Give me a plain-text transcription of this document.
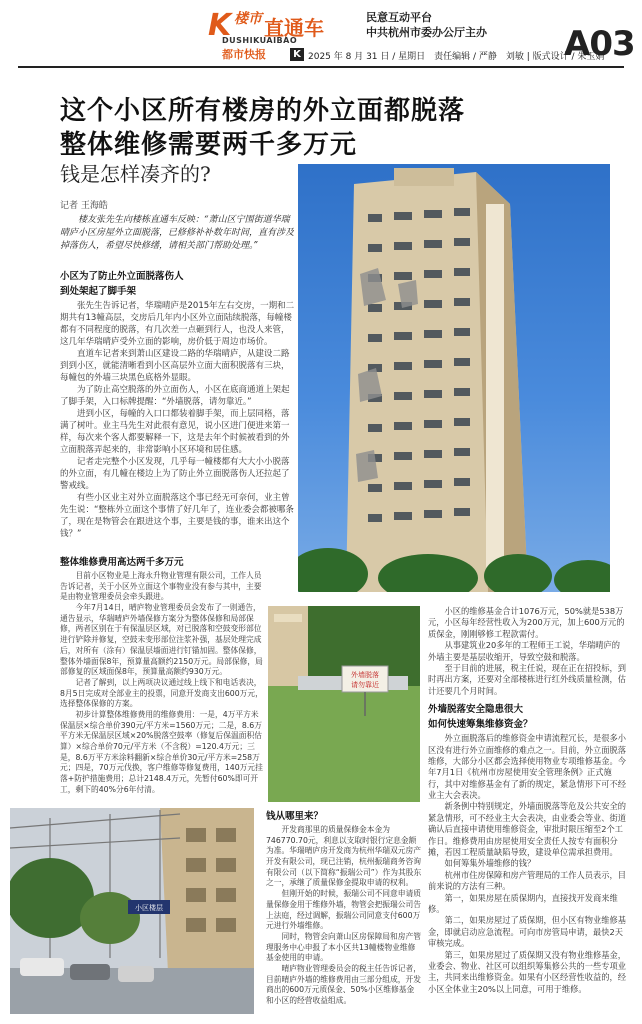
K 楼市 直通车
DUSHIKUAIBAO
都市快报
民意互动平台
中共杭州市委办公厅主办
K 2025 年 8 月 31 日 / 星期日　责任编辑 / 严静　刘敏 | 版式设计 / 朱玉娟
A03
这个小区所有楼房的外立面都脱落
整体维修需要两千多万元
钱是怎样凑齐的?
记者 王海皓
楼友张先生向楼栋直通车反映：“萧山区宁围街道华瑞晴庐小区房屋外立面脱落，已修修补补数年时间，直有涉及掉落伤人，希望尽快修缮，请相关部门帮助处理。”
小区为了防止外立面脱落伤人
到处架起了脚手架

张先生告诉记者，华瑞晴庐是2015年左右交房，一期和二期共有13幢高层，交房后几年内小区外立面陆续脱落，每幢楼都有不同程度的脱落，有几次差一点砸到行人，也没人来管，这几年华瑞晴庐受外立面的影响，房价低于周边市场价。

直道车记者来到萧山区建设二路的华瑞晴庐，从建设二路到到小区，就能清晰看到小区高层外立面大面积脱落有三块，每幢包的外墙三块黑色底格外显眼。

为了防止高空脱落的外立面伤人，小区在底商通道上架起了脚手架，入口标牌提醒：“外墙脱落，请勿靠近。”

进到小区，每幢的入口口都装着脚手架，而上层同格，落满了树叶。业主马先生对此很有意见，说小区进门便进来第一样，每次来个客人都要解释一下，这是去年个时候被看到的外立面脱落弄起来的，非常影响小区环境和居住感。

记者走完整个小区发现，几乎每一幢楼都有大大小小脱落的外立面，有几幢在楼边上为了防止外立面脱落伤人还拉起了警戒线。

有些小区业主对外立面脱落这个事已经无可奈何，业主曾先生说：“整栋外立面这个事情了好几年了，连业委会都被哪条了，现在是物管会在跟进这个事，主要是钱的事，谁来出这个钱？”

整体维修费用高达两千多万元

目前小区物业是上海永升物业管理有限公司，工作人员告诉记者，关于小区外立面这个事物业没有参与其中，主要是由物业管理委员会牵头跟进。

今年7月14日，晴庐物业管理委员会发布了一则通告，通告显示，华瑞晴庐外墙保修方案分为整体保修和局部保修，两者区别在于有保温层区域，对已脱落和空鼓变形部位进行铲除并修复，空鼓未变形部位注浆补强，基层处理完成后，对所有（涂有）保温层墙面进行钉锚加固。整体保修，整体外墙面保8年，预算量高额约2150万元。局部保修，局部修复的区域面保8年，预算量高额约930万元。

记者了解到，以上两项决议通过线上线下和电话表决，8月5日完成对全部业主的投票，同意开发商支出600万元，选择整体保修的方案。

初步计算整体维修费用的维修费用：一是，4万平方米保温层×综合单价390元/平方米=1560万元；二是，8.6万平方米无保温层区域×20%脱落空鼓率（修复后保温面积估算）×综合单价70元/平方米（不含税）=120.4万元；三是，8.6万平方米涂料翻新×综合单价30元/平方米=258万元；四是，70万元伐换，客户维修等修复费用，140万元挂落+防护措施费用；总计2148.4万元，先暂付60%即可开工，剩下的40%分6年付清。

外墙脱落
请勿靠近
小区楼层
钱从哪里来？

开发商那里的质量保修金本金为746770.70元，利息以支取时银行定息金额为准。华瑞晴庐房开发商为杭州华瑞双元房产开发有限公司，现已注销，杭州振瑞商务咨询有限公司（以下简称“振瑞公司”）作为其股东之一，承继了质量保修金提取申请的权利。

但刚开始的时候，振瑞公司不同意申请质量保修金用于维修外墙，物管会把振瑞公司告上法庭，经过调解，振瑞公司同意支付600万元进行外墙维修。

同时，物管会向萧山区房保障局和房产管理服务中心申报了本小区共13幢楼物业维修基金使用的申请。

晴庐物业管理委员会的税主任告诉记者，目前晴庐外墙的维修费用由三部分组成，开发商出的600万元质保金、50%小区维修基金和小区的经营收益组成。

小区的维修基金合计1076万元，50%就是538万元，小区每年经营性收入为200万元，加上600万元的质保金，刚刚够修工程款需付。

从事建筑业20多年的工程师王工说，华瑞晴庐的外墙主要是基层收缩开，导致空鼓和脱落。

至于目前的进展，税主任说，现在正在招投标，到时再出方案，还要对全部楼栋进行红外线质量检测，估计还要几个月时间。

外墙脱落安全隐患很大
如何快速筹集维修资金？

外立面脱落后的维修资金申请流程冗长，是很多小区没有进行外立面维修的难点之一。目前，外立面脱落维修，大部分小区都会选择使用物业专项维修基金。今年7月1日《杭州市房屋使用安全管理条例》正式施行，其中对维修基金有了新的规定，紧急情形下可不经业主大会表决。

新条例中特别规定，外墙面脱落等危及公共安全的紧急情形，可不经业主大会表决，由业委会等业、街道确认后直接申请使用维修资金，审批时限压缩至2个工作日。维修费用由房屋使用安全责任人按专有面积分摊，若因工程质量缺陷导致，建设单位需承担费用。

如何筹集外墙维修的钱？

杭州市住房保障和房产管理局的工作人员表示，目前来说的方法有三种。

第一，如果房屋在质保期内，直接找开发商来维修。

第二，如果房屋过了质保期，但小区有物业维修基金，即就启动应急流程。可向市房管局申请，最快2天审核完成。

第三，如果房屋过了质保期又没有物业维修基金，业委会、物业、社区可以组织筹集修公共的一些专项业主，共同来出维修资金。如果有小区经营性收益的，经小区全体业主20%以上同意，可用于维修。
